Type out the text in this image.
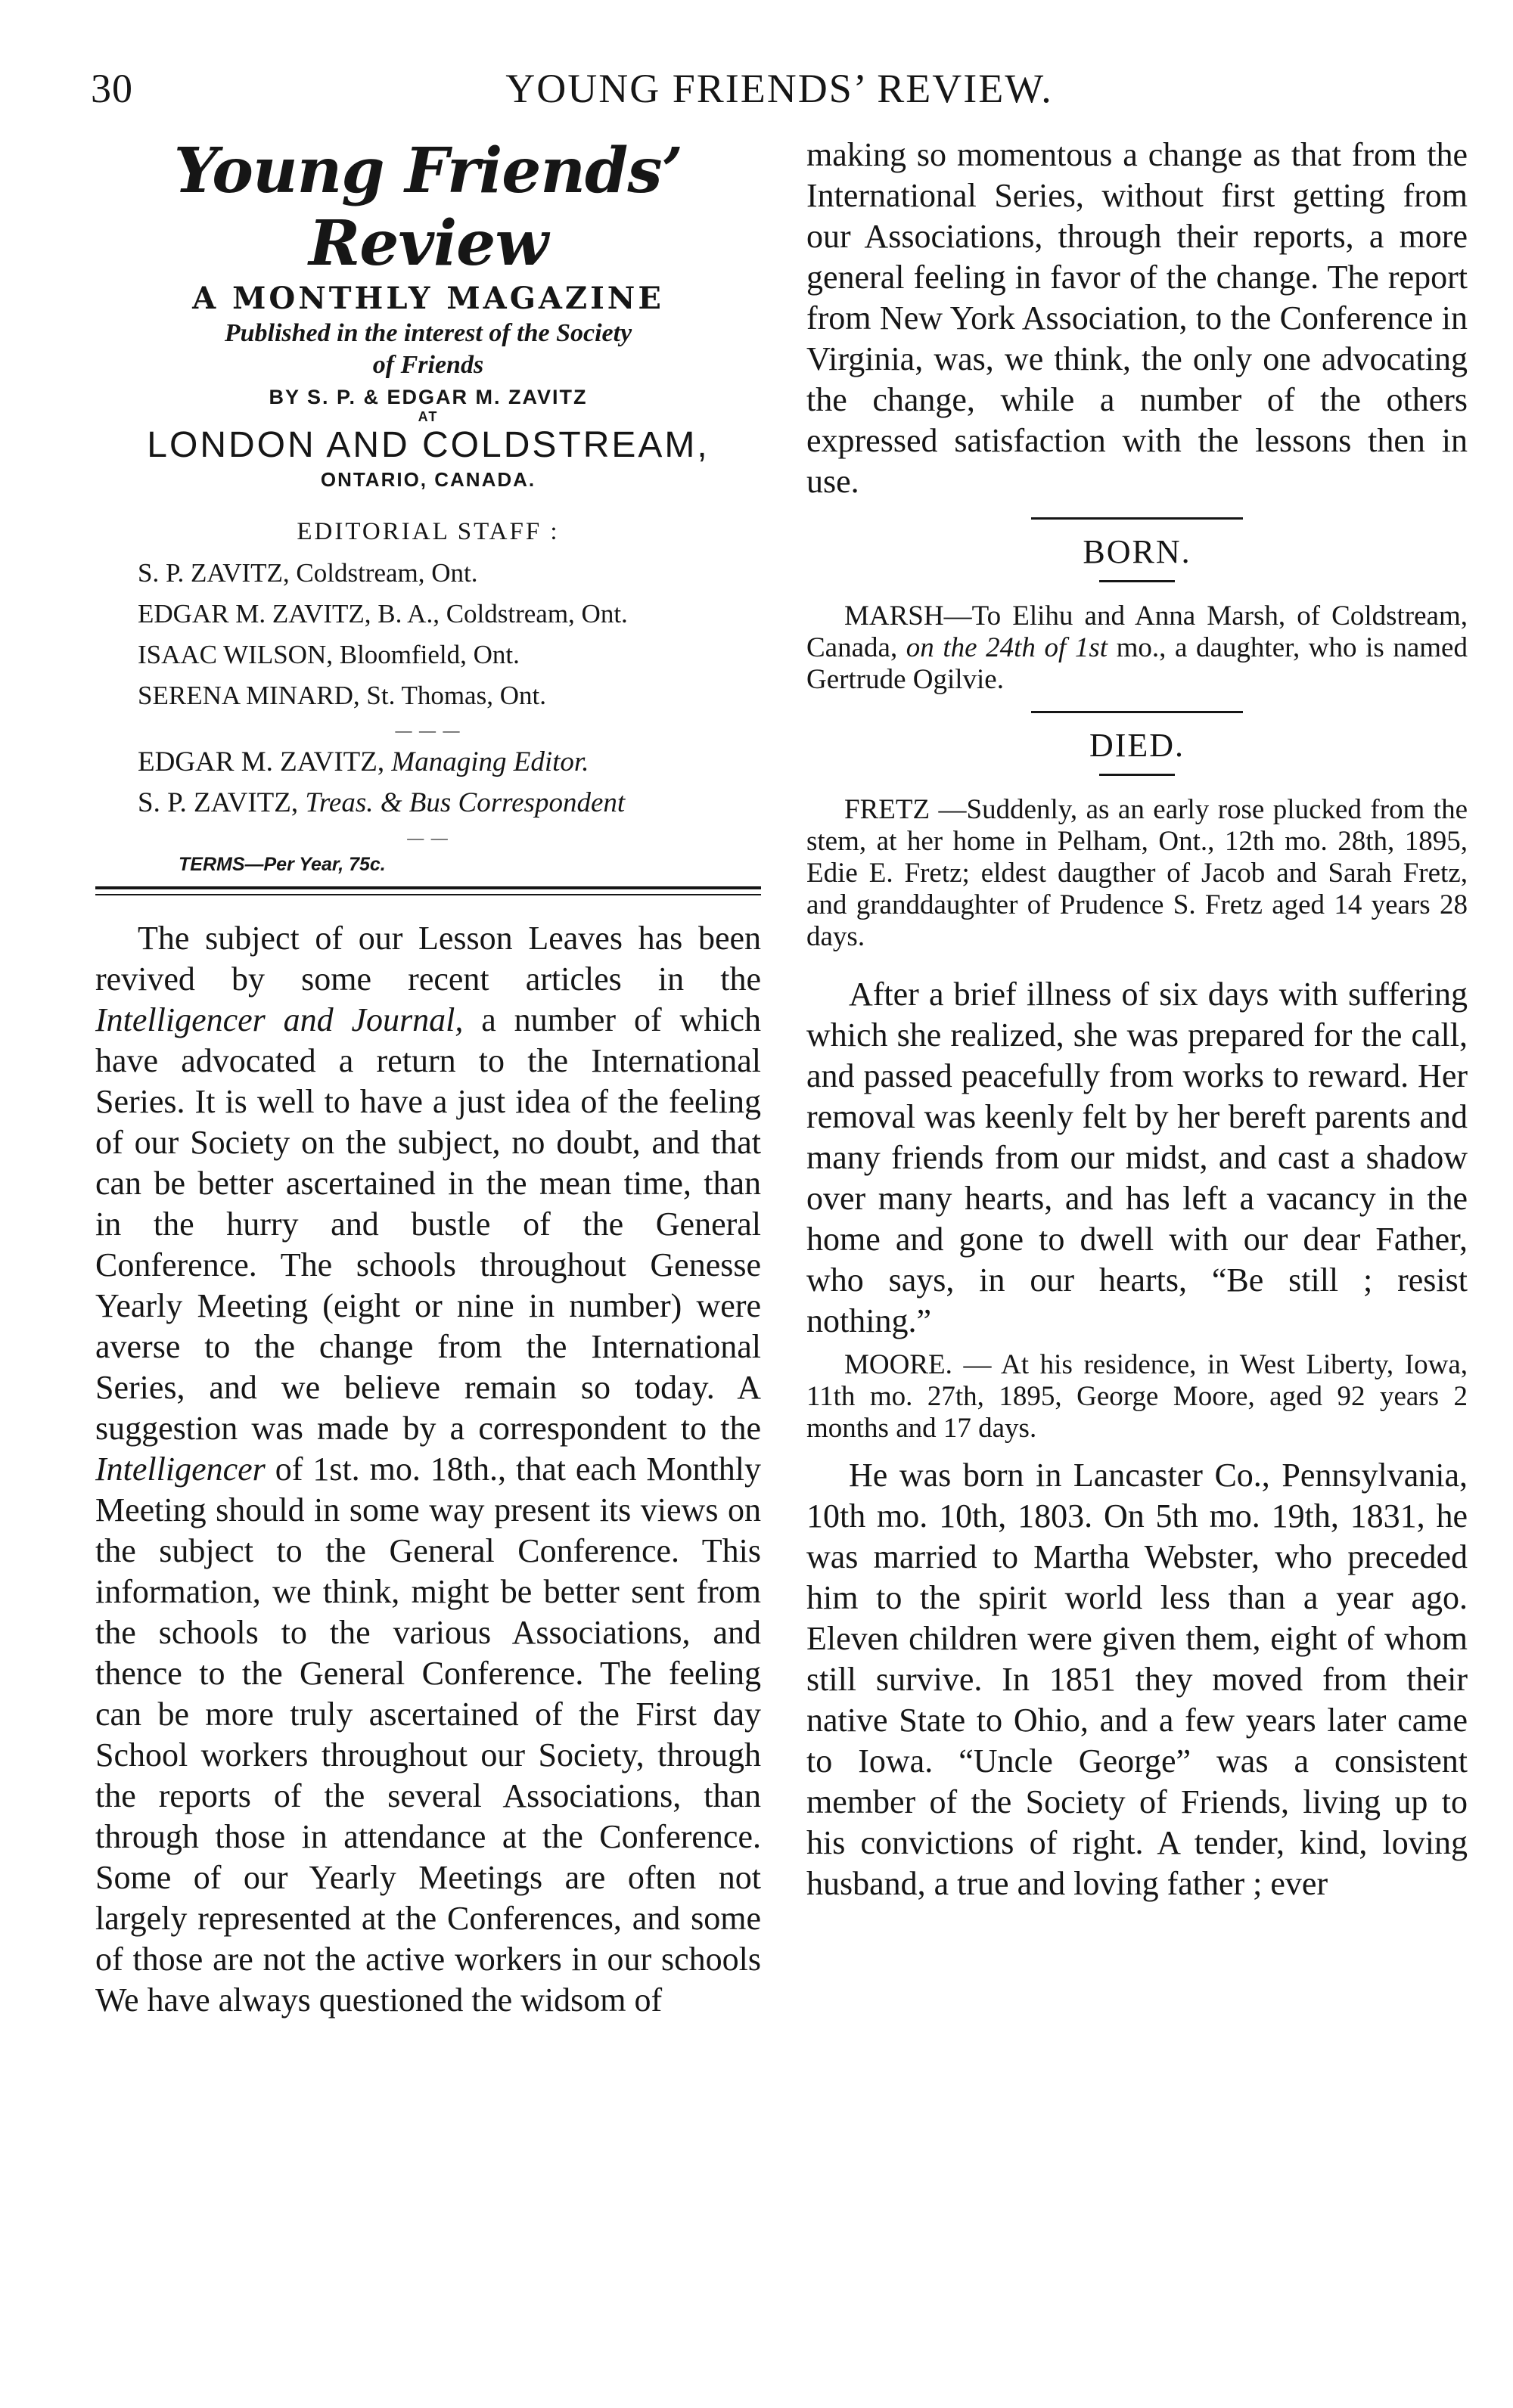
30	YOUNG FRIENDS’ REVIEW.
Young Friends’ Review
A MONTHLY MAGAZINE
Published in the interest of the Society
of Friends
BY S. P. & EDGAR M. ZAVITZ
AT
LONDON AND COLDSTREAM,
ONTARIO, CANADA.
EDITORIAL STAFF :
S. P. ZAVITZ, Coldstream, Ont.
EDGAR M. ZAVITZ, B. A., Coldstream, Ont.
ISAAC WILSON, Bloomfield, Ont.
SERENA MINARD, St. Thomas, Ont.
— — —
EDGAR M. ZAVITZ, Managing Editor.
S. P. ZAVITZ, Treas. & Bus Correspondent
— —
TERMS—Per Year, 75c.

The subject of our Lesson Leaves has been revived by some recent articles in the Intelligencer and Journal, a number of which have advocated a return to the International Series. It is well to have a just idea of the feeling of our Society on the subject, no doubt, and that can be better ascertained in the mean time, than in the hurry and bustle of the General Conference. The schools throughout Genesse Yearly Meeting (eight or nine in number) were averse to the change from the International Series, and we believe remain so today. A suggestion was made by a correspondent to the Intelligencer of 1st. mo. 18th., that each Monthly Meeting should in some way present its views on the subject to the General Conference. This information, we think, might be better sent from the schools to the various Associations, and thence to the General Conference. The feeling can be more truly ascertained of the First day School workers throughout our Society, through the reports of the several Associations, than through those in attendance at the Conference. Some of our Yearly Meetings are often not largely represented at the Conferences, and some of those are not the active workers in our schools We have always questioned the widsom of

making so momentous a change as that from the International Series, without first getting from our Associations, through their reports, a more general feeling in favor of the change. The report from New York Association, to the Conference in Virginia, was, we think, the only one advocating the change, while a number of the others expressed satisfaction with the lessons then in use.

BORN.

MARSH—To Elihu and Anna Marsh, of Coldstream, Canada, on the 24th of 1st mo., a daughter, who is named Gertrude Ogilvie.

DIED.

FRETZ —Suddenly, as an early rose plucked from the stem, at her home in Pelham, Ont., 12th mo. 28th, 1895, Edie E. Fretz; eldest daugther of Jacob and Sarah Fretz, and granddaughter of Prudence S. Fretz aged 14 years 28 days.

After a brief illness of six days with suffering which she realized, she was prepared for the call, and passed peacefully from works to reward. Her removal was keenly felt by her bereft parents and many friends from our midst, and cast a shadow over many hearts, and has left a vacancy in the home and gone to dwell with our dear Father, who says, in our hearts, “Be still ; resist nothing.”

MOORE. — At his residence, in West Liberty, Iowa, 11th mo. 27th, 1895, George Moore, aged 92 years 2 months and 17 days.

He was born in Lancaster Co., Pennsylvania, 10th mo. 10th, 1803. On 5th mo. 19th, 1831, he was married to Martha Webster, who preceded him to the spirit world less than a year ago. Eleven children were given them, eight of whom still survive. In 1851 they moved from their native State to Ohio, and a few years later came to Iowa. “Uncle George” was a consistent member of the Society of Friends, living up to his convictions of right. A tender, kind, loving husband, a true and loving father ; ever
